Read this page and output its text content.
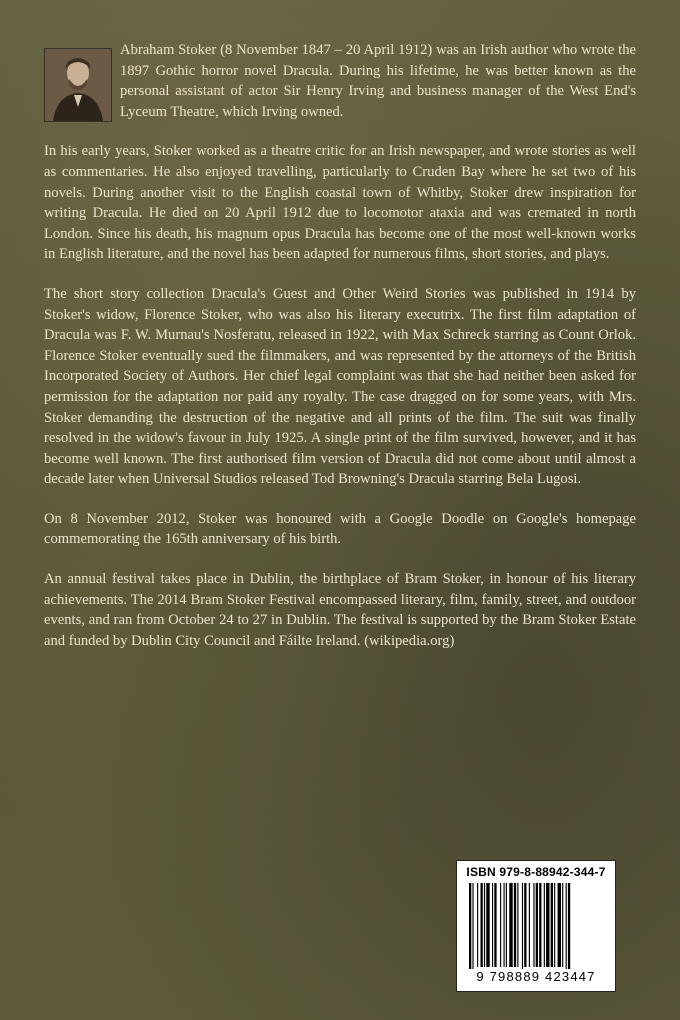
Abraham Stoker (8 November 1847 – 20 April 1912) was an Irish author who wrote the 1897 Gothic horror novel Dracula. During his lifetime, he was better known as the personal assistant of actor Sir Henry Irving and business manager of the West End's Lyceum Theatre, which Irving owned.

In his early years, Stoker worked as a theatre critic for an Irish newspaper, and wrote stories as well as commentaries. He also enjoyed travelling, particularly to Cruden Bay where he set two of his novels. During another visit to the English coastal town of Whitby, Stoker drew inspiration for writing Dracula. He died on 20 April 1912 due to locomotor ataxia and was cremated in north London. Since his death, his magnum opus Dracula has become one of the most well-known works in English literature, and the novel has been adapted for numerous films, short stories, and plays.

The short story collection Dracula's Guest and Other Weird Stories was published in 1914 by Stoker's widow, Florence Stoker, who was also his literary executrix. The first film adaptation of Dracula was F. W. Murnau's Nosferatu, released in 1922, with Max Schreck starring as Count Orlok. Florence Stoker eventually sued the filmmakers, and was represented by the attorneys of the British Incorporated Society of Authors. Her chief legal complaint was that she had neither been asked for permission for the adaptation nor paid any royalty. The case dragged on for some years, with Mrs. Stoker demanding the destruction of the negative and all prints of the film. The suit was finally resolved in the widow's favour in July 1925. A single print of the film survived, however, and it has become well known. The first authorised film version of Dracula did not come about until almost a decade later when Universal Studios released Tod Browning's Dracula starring Bela Lugosi.

On 8 November 2012, Stoker was honoured with a Google Doodle on Google's homepage commemorating the 165th anniversary of his birth.

An annual festival takes place in Dublin, the birthplace of Bram Stoker, in honour of his literary achievements. The 2014 Bram Stoker Festival encompassed literary, film, family, street, and outdoor events, and ran from October 24 to 27 in Dublin. The festival is supported by the Bram Stoker Estate and funded by Dublin City Council and Fáilte Ireland. (wikipedia.org)

ISBN 979-8-88942-344-7
9 798889 423447
